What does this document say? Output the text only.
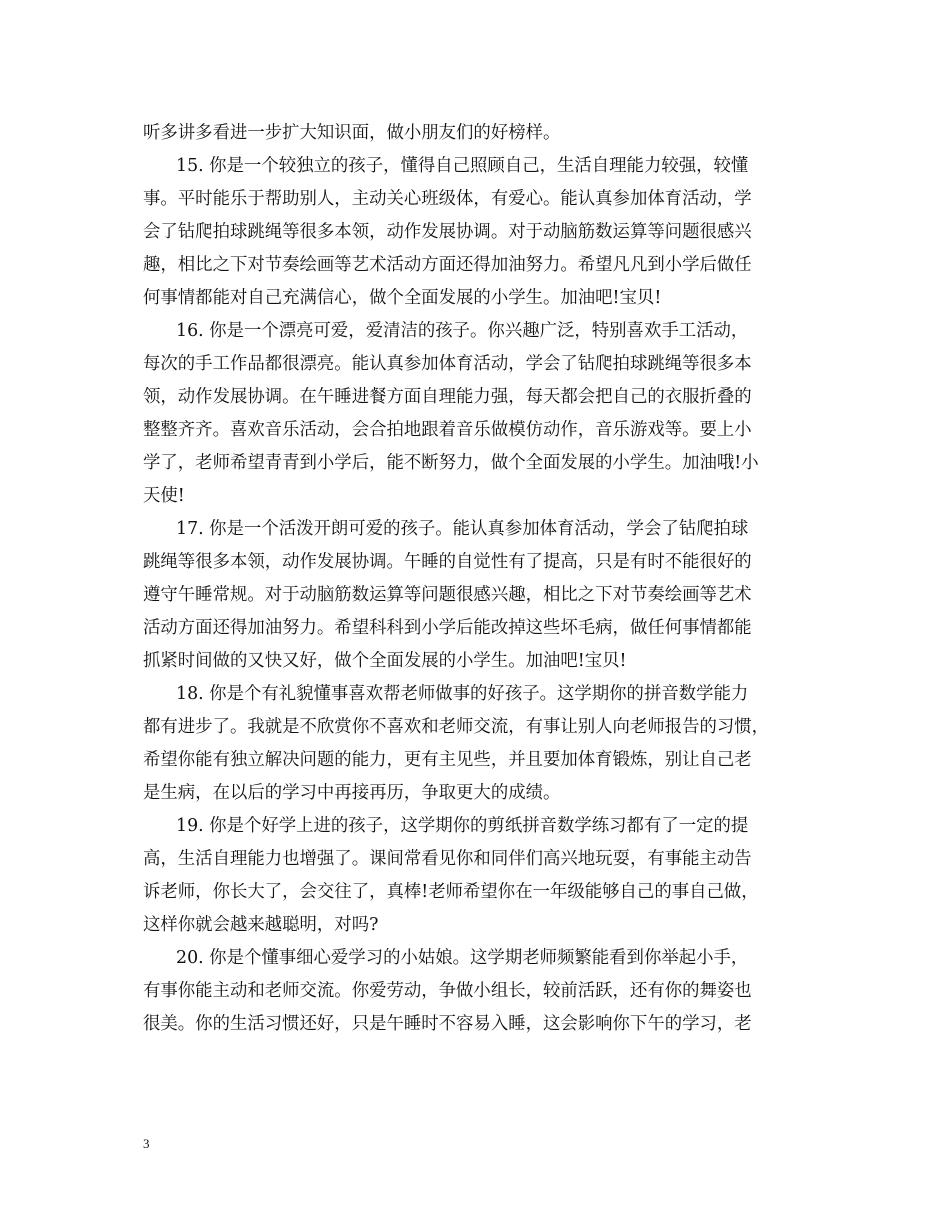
听多讲多看进一步扩大知识面，做小朋友们的好榜样。
15. 你是一个较独立的孩子，懂得自己照顾自己，生活自理能力较强，较懂
事。平时能乐于帮助别人，主动关心班级体，有爱心。能认真参加体育活动，学
会了钻爬拍球跳绳等很多本领，动作发展协调。对于动脑筋数运算等问题很感兴
趣，相比之下对节奏绘画等艺术活动方面还得加油努力。希望凡凡到小学后做任
何事情都能对自己充满信心，做个全面发展的小学生。加油吧!宝贝!
16. 你是一个漂亮可爱，爱清洁的孩子。你兴趣广泛，特别喜欢手工活动，
每次的手工作品都很漂亮。能认真参加体育活动，学会了钻爬拍球跳绳等很多本
领，动作发展协调。在午睡进餐方面自理能力强，每天都会把自己的衣服折叠的
整整齐齐。喜欢音乐活动，会合拍地跟着音乐做模仿动作，音乐游戏等。要上小
学了，老师希望青青到小学后，能不断努力，做个全面发展的小学生。加油哦!小
天使!
17. 你是一个活泼开朗可爱的孩子。能认真参加体育活动，学会了钻爬拍球
跳绳等很多本领，动作发展协调。午睡的自觉性有了提高，只是有时不能很好的
遵守午睡常规。对于动脑筋数运算等问题很感兴趣，相比之下对节奏绘画等艺术
活动方面还得加油努力。希望科科到小学后能改掉这些坏毛病，做任何事情都能
抓紧时间做的又快又好，做个全面发展的小学生。加油吧!宝贝!
18. 你是个有礼貌懂事喜欢帮老师做事的好孩子。这学期你的拼音数学能力
都有进步了。我就是不欣赏你不喜欢和老师交流，有事让别人向老师报告的习惯，
希望你能有独立解决问题的能力，更有主见些，并且要加体育锻炼，别让自己老
是生病，在以后的学习中再接再历，争取更大的成绩。
19. 你是个好学上进的孩子，这学期你的剪纸拼音数学练习都有了一定的提
高，生活自理能力也增强了。课间常看见你和同伴们高兴地玩耍，有事能主动告
诉老师，你长大了，会交往了，真棒!老师希望你在一年级能够自己的事自己做，
这样你就会越来越聪明，对吗?
20. 你是个懂事细心爱学习的小姑娘。这学期老师频繁能看到你举起小手，
有事你能主动和老师交流。你爱劳动，争做小组长，较前活跃，还有你的舞姿也
很美。你的生活习惯还好，只是午睡时不容易入睡，这会影响你下午的学习，老
3
